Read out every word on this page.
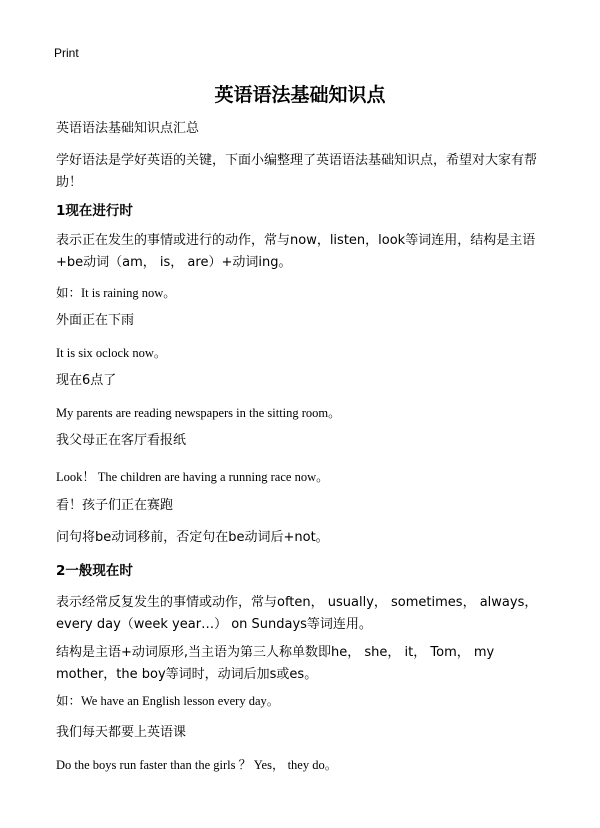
Print
英语语法基础知识点
英语语法基础知识点汇总
学好语法是学好英语的关键，下面小编整理了英语语法基础知识点，希望对大家有帮助！
1现在进行时
表示正在发生的事情或进行的动作，常与now，listen，look等词连用，结构是主语+be动词（am， is， are）+动词ing。
如：It is raining now。
外面正在下雨
It is six oclock now。
现在6点了
My parents are reading newspapers in the sitting room。
我父母正在客厅看报纸
Look！ The children are having a running race now。
看！孩子们正在赛跑
问句将be动词移前，否定句在be动词后+not。
2一般现在时
表示经常反复发生的事情或动作，常与often， usually， sometimes， always，every day（week year…） on Sundays等词连用。
结构是主语+动词原形,当主语为第三人称单数即he， she， it， Tom， my mother，the boy等词时，动词后加s或es。
如：We have an English lesson every day。
我们每天都要上英语课
Do the boys run faster than the girls ？ Yes， they do。
